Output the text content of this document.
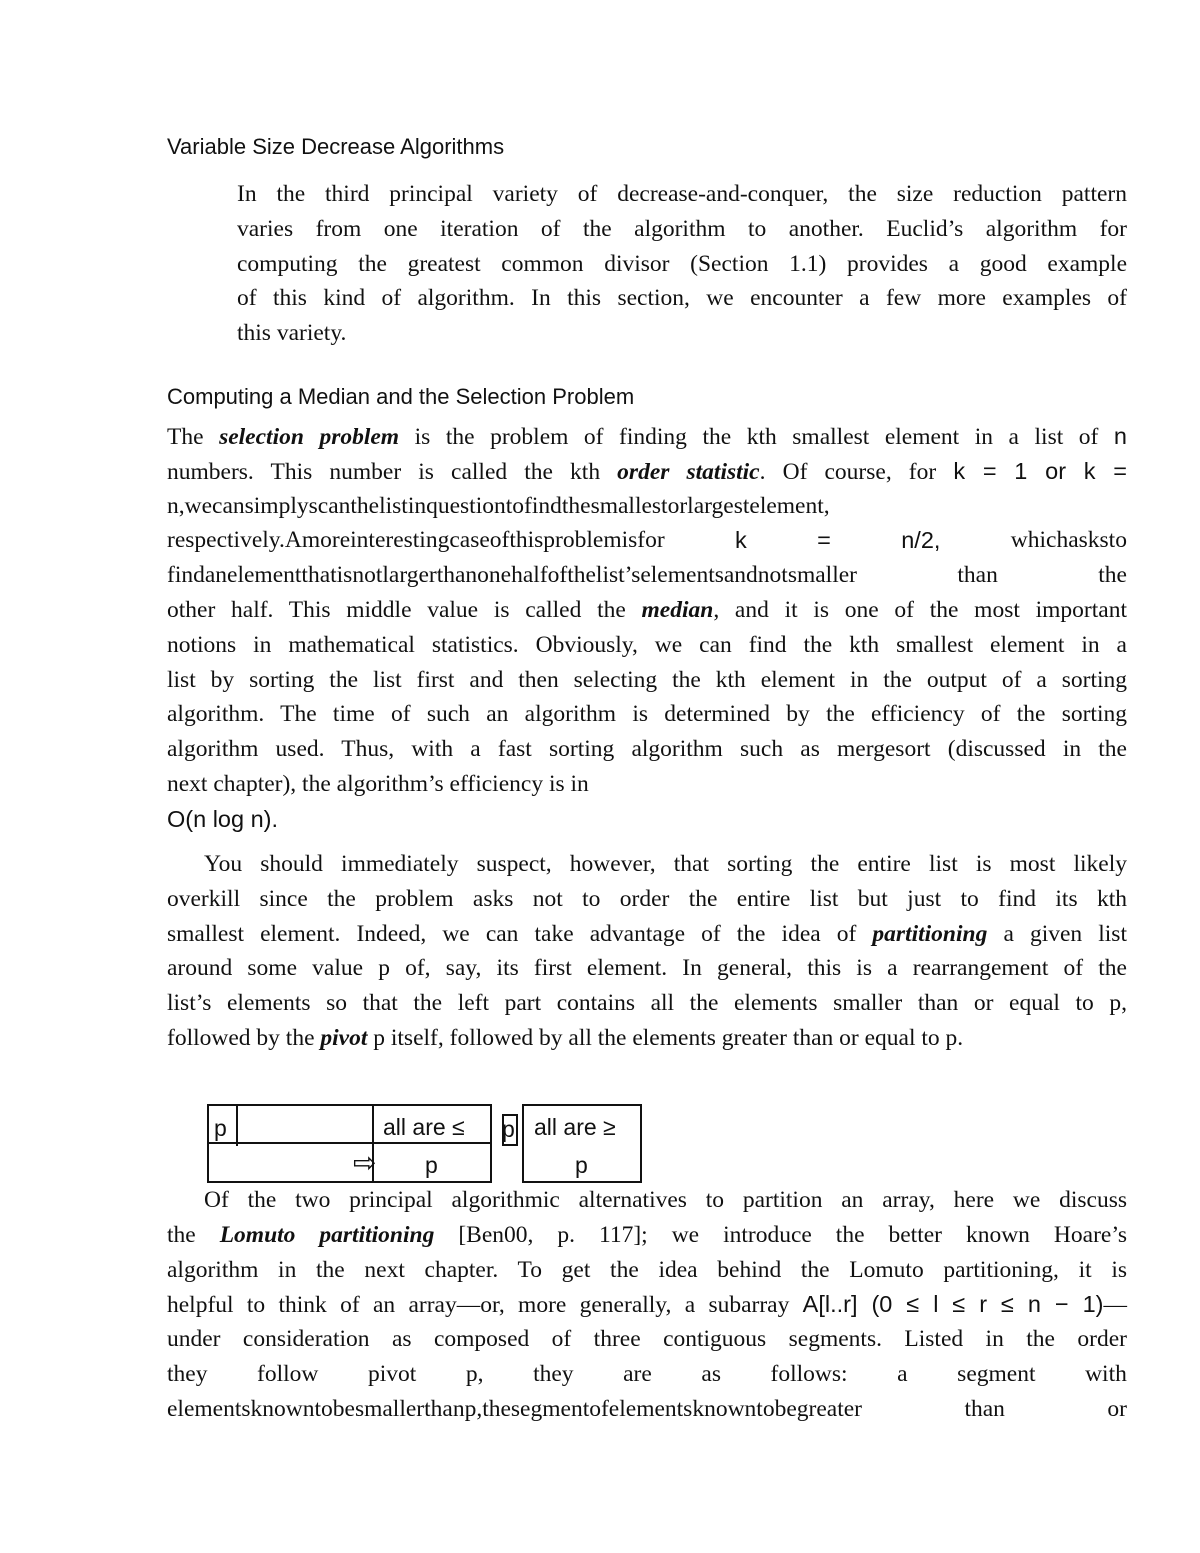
Variable Size Decrease Algorithms
In the third principal variety of decrease-and-conquer, the size reduction pattern
varies from one iteration of the algorithm to another. Euclid’s algorithm for
computing the greatest common divisor (Section 1.1) provides a good example
of this kind of algorithm. In this section, we encounter a few more examples of
this variety.
Computing a Median and the Selection Problem
The selection problem is the problem of finding the kth smallest element in a list of n
numbers. This number is called the kth order statistic. Of course, for k = 1 or k =
n,wecansimplyscanthelistinquestiontofindthesmallestorlargestelement,
respectively.Amoreinterestingcaseofthisproblemisfor	k	=	n/2,	whichasksto
findanelementthatisnotlargerthanonehalfofthelist’selementsandnotsmaller	than	the
other half. This middle value is called the median, and it is one of the most important
notions in mathematical statistics. Obviously, we can find the kth smallest element in a
list by sorting the list first and then selecting the kth element in the output of a sorting
algorithm. The time of such an algorithm is determined by the efficiency of the sorting
algorithm used. Thus, with a fast sorting algorithm such as mergesort (discussed in the
next chapter), the algorithm’s efficiency is in
O(n log n).
You should immediately suspect, however, that sorting the entire list is most likely
overkill since the problem asks not to order the entire list but just to find its kth
smallest element. Indeed, we can take advantage of the idea of partitioning a given list
around some value p of, say, its first element. In general, this is a rearrangement of the
list’s elements so that the left part contains all the elements smaller than or equal to p,
followed by the pivot p itself, followed by all the elements greater than or equal to p.
p	all are ≤
p
⇨
p all are ≥
p
Of the two principal algorithmic alternatives to partition an array, here we discuss
the Lomuto partitioning [Ben00, p. 117]; we introduce the better known Hoare’s
algorithm in the next chapter. To get the idea behind the Lomuto partitioning, it is
helpful to think of an array—or, more generally, a subarray A[l..r] (0 ≤ l ≤ r ≤ n − 1)—
under consideration as composed of three contiguous segments. Listed in the order
they follow pivot p, they are as follows: a segment with
elementsknowntobesmallerthanp,thesegmentofelementsknowntobegreater	than	or
